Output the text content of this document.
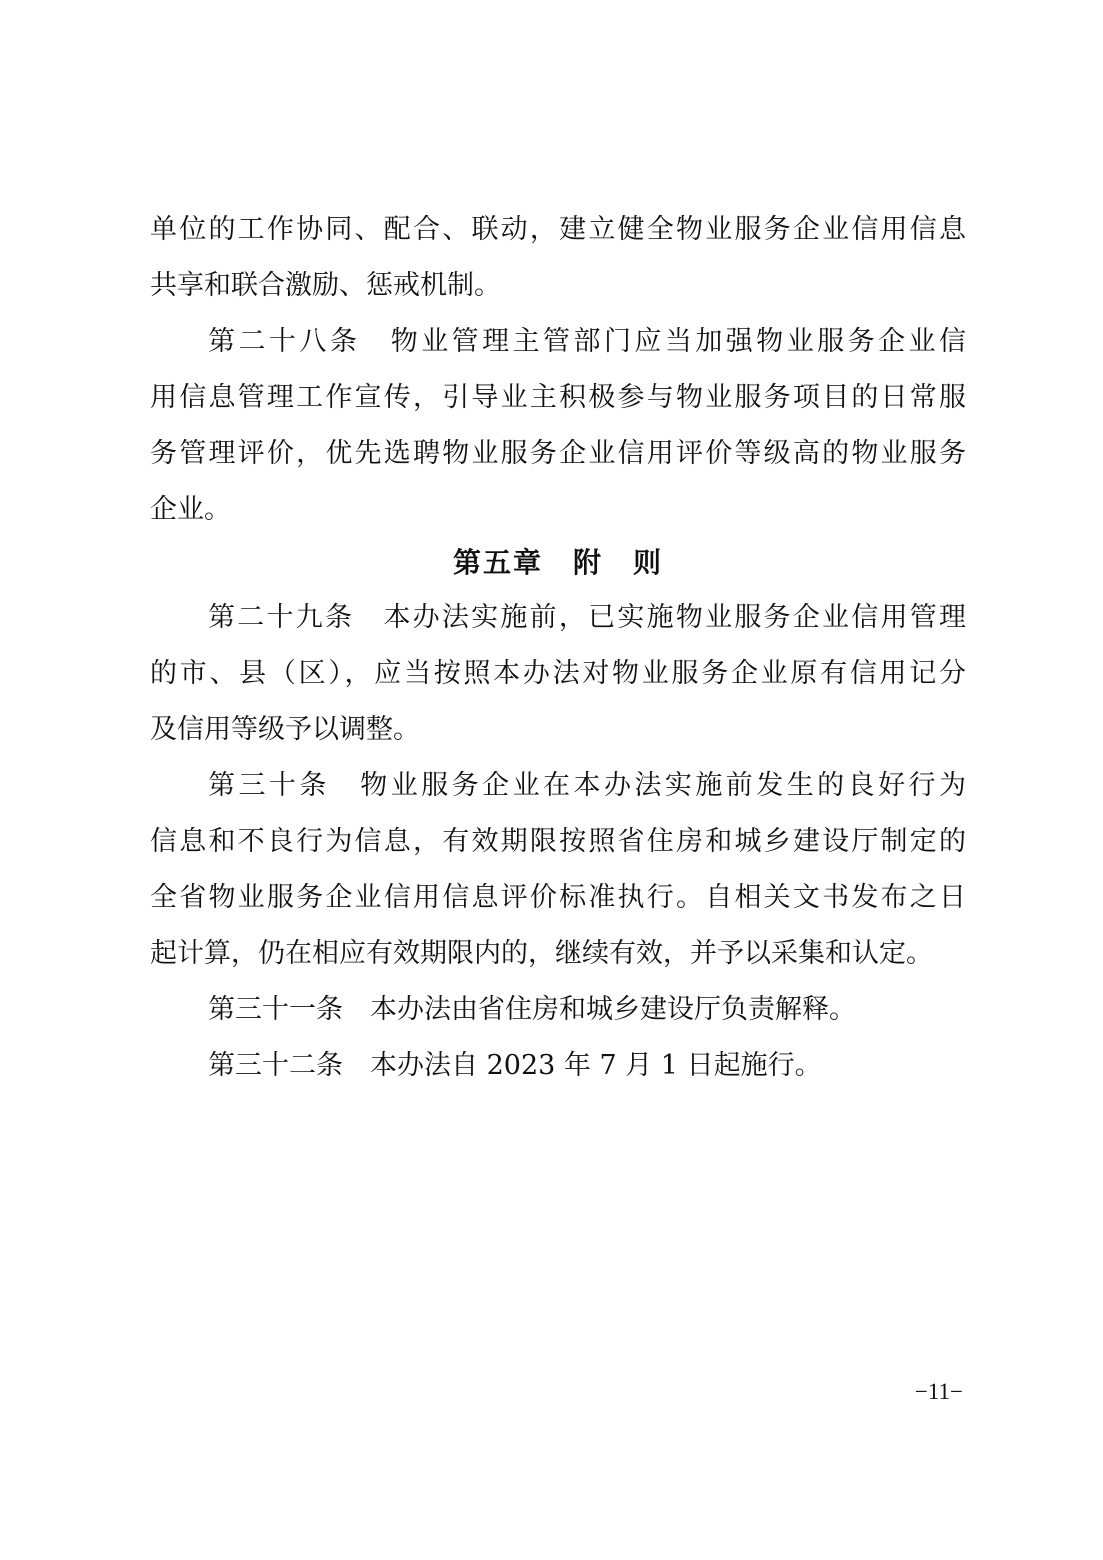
单位的工作协同、配合、联动，建立健全物业服务企业信用信息
共享和联合激励、惩戒机制。
第二十八条　物业管理主管部门应当加强物业服务企业信
用信息管理工作宣传，引导业主积极参与物业服务项目的日常服
务管理评价，优先选聘物业服务企业信用评价等级高的物业服务
企业。
第五章　附　则
第二十九条　本办法实施前，已实施物业服务企业信用管理
的市、县（区），应当按照本办法对物业服务企业原有信用记分
及信用等级予以调整。
第三十条　物业服务企业在本办法实施前发生的良好行为
信息和不良行为信息，有效期限按照省住房和城乡建设厅制定的
全省物业服务企业信用信息评价标准执行。自相关文书发布之日
起计算，仍在相应有效期限内的，继续有效，并予以采集和认定。
第三十一条　本办法由省住房和城乡建设厅负责解释。
第三十二条　本办法自 2023 年 7 月 1 日起施行。
−11−
